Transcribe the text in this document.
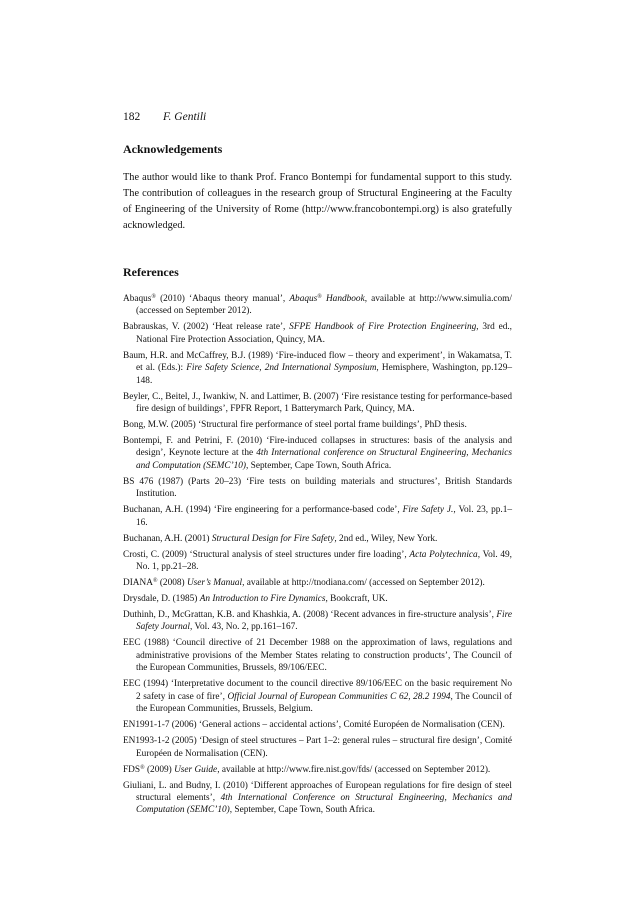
182 F. Gentili
Acknowledgements

The author would like to thank Prof. Franco Bontempi for fundamental support to this study. The contribution of colleagues in the research group of Structural Engineering at the Faculty of Engineering of the University of Rome (http://www.francobontempi.org) is also gratefully acknowledged.

References

Abaqus® (2010) ‘Abaqus theory manual’, Abaqus® Handbook, available at http://www.simulia.com/ (accessed on September 2012).

Babrauskas, V. (2002) ‘Heat release rate’, SFPE Handbook of Fire Protection Engineering, 3rd ed., National Fire Protection Association, Quincy, MA.

Baum, H.R. and McCaffrey, B.J. (1989) ‘Fire-induced flow – theory and experiment’, in Wakamatsa, T. et al. (Eds.): Fire Safety Science, 2nd International Symposium, Hemisphere, Washington, pp.129–148.

Beyler, C., Beitel, J., Iwankiw, N. and Lattimer, B. (2007) ‘Fire resistance testing for performance-based fire design of buildings’, FPFR Report, 1 Batterymarch Park, Quincy, MA.

Bong, M.W. (2005) ‘Structural fire performance of steel portal frame buildings’, PhD thesis.

Bontempi, F. and Petrini, F. (2010) ‘Fire-induced collapses in structures: basis of the analysis and design’, Keynote lecture at the 4th International conference on Structural Engineering, Mechanics and Computation (SEMC’10), September, Cape Town, South Africa.

BS 476 (1987) (Parts 20–23) ‘Fire tests on building materials and structures’, British Standards Institution.

Buchanan, A.H. (1994) ‘Fire engineering for a performance-based code’, Fire Safety J., Vol. 23, pp.1–16.

Buchanan, A.H. (2001) Structural Design for Fire Safety, 2nd ed., Wiley, New York.

Crosti, C. (2009) ‘Structural analysis of steel structures under fire loading’, Acta Polytechnica, Vol. 49, No. 1, pp.21–28.

DIANA® (2008) User’s Manual, available at http://tnodiana.com/ (accessed on September 2012).

Drysdale, D. (1985) An Introduction to Fire Dynamics, Bookcraft, UK.

Duthinh, D., McGrattan, K.B. and Khashkia, A. (2008) ‘Recent advances in fire-structure analysis’, Fire Safety Journal, Vol. 43, No. 2, pp.161–167.

EEC (1988) ‘Council directive of 21 December 1988 on the approximation of laws, regulations and administrative provisions of the Member States relating to construction products’, The Council of the European Communities, Brussels, 89/106/EEC.

EEC (1994) ‘Interpretative document to the council directive 89/106/EEC on the basic requirement No 2 safety in case of fire’, Official Journal of European Communities C 62, 28.2 1994, The Council of the European Communities, Brussels, Belgium.

EN1991-1-7 (2006) ‘General actions – accidental actions’, Comité Européen de Normalisation (CEN).

EN1993-1-2 (2005) ‘Design of steel structures – Part 1–2: general rules – structural fire design’, Comité Européen de Normalisation (CEN).

FDS® (2009) User Guide, available at http://www.fire.nist.gov/fds/ (accessed on September 2012).

Giuliani, L. and Budny, I. (2010) ‘Different approaches of European regulations for fire design of steel structural elements’, 4th International Conference on Structural Engineering, Mechanics and Computation (SEMC’10), September, Cape Town, South Africa.
